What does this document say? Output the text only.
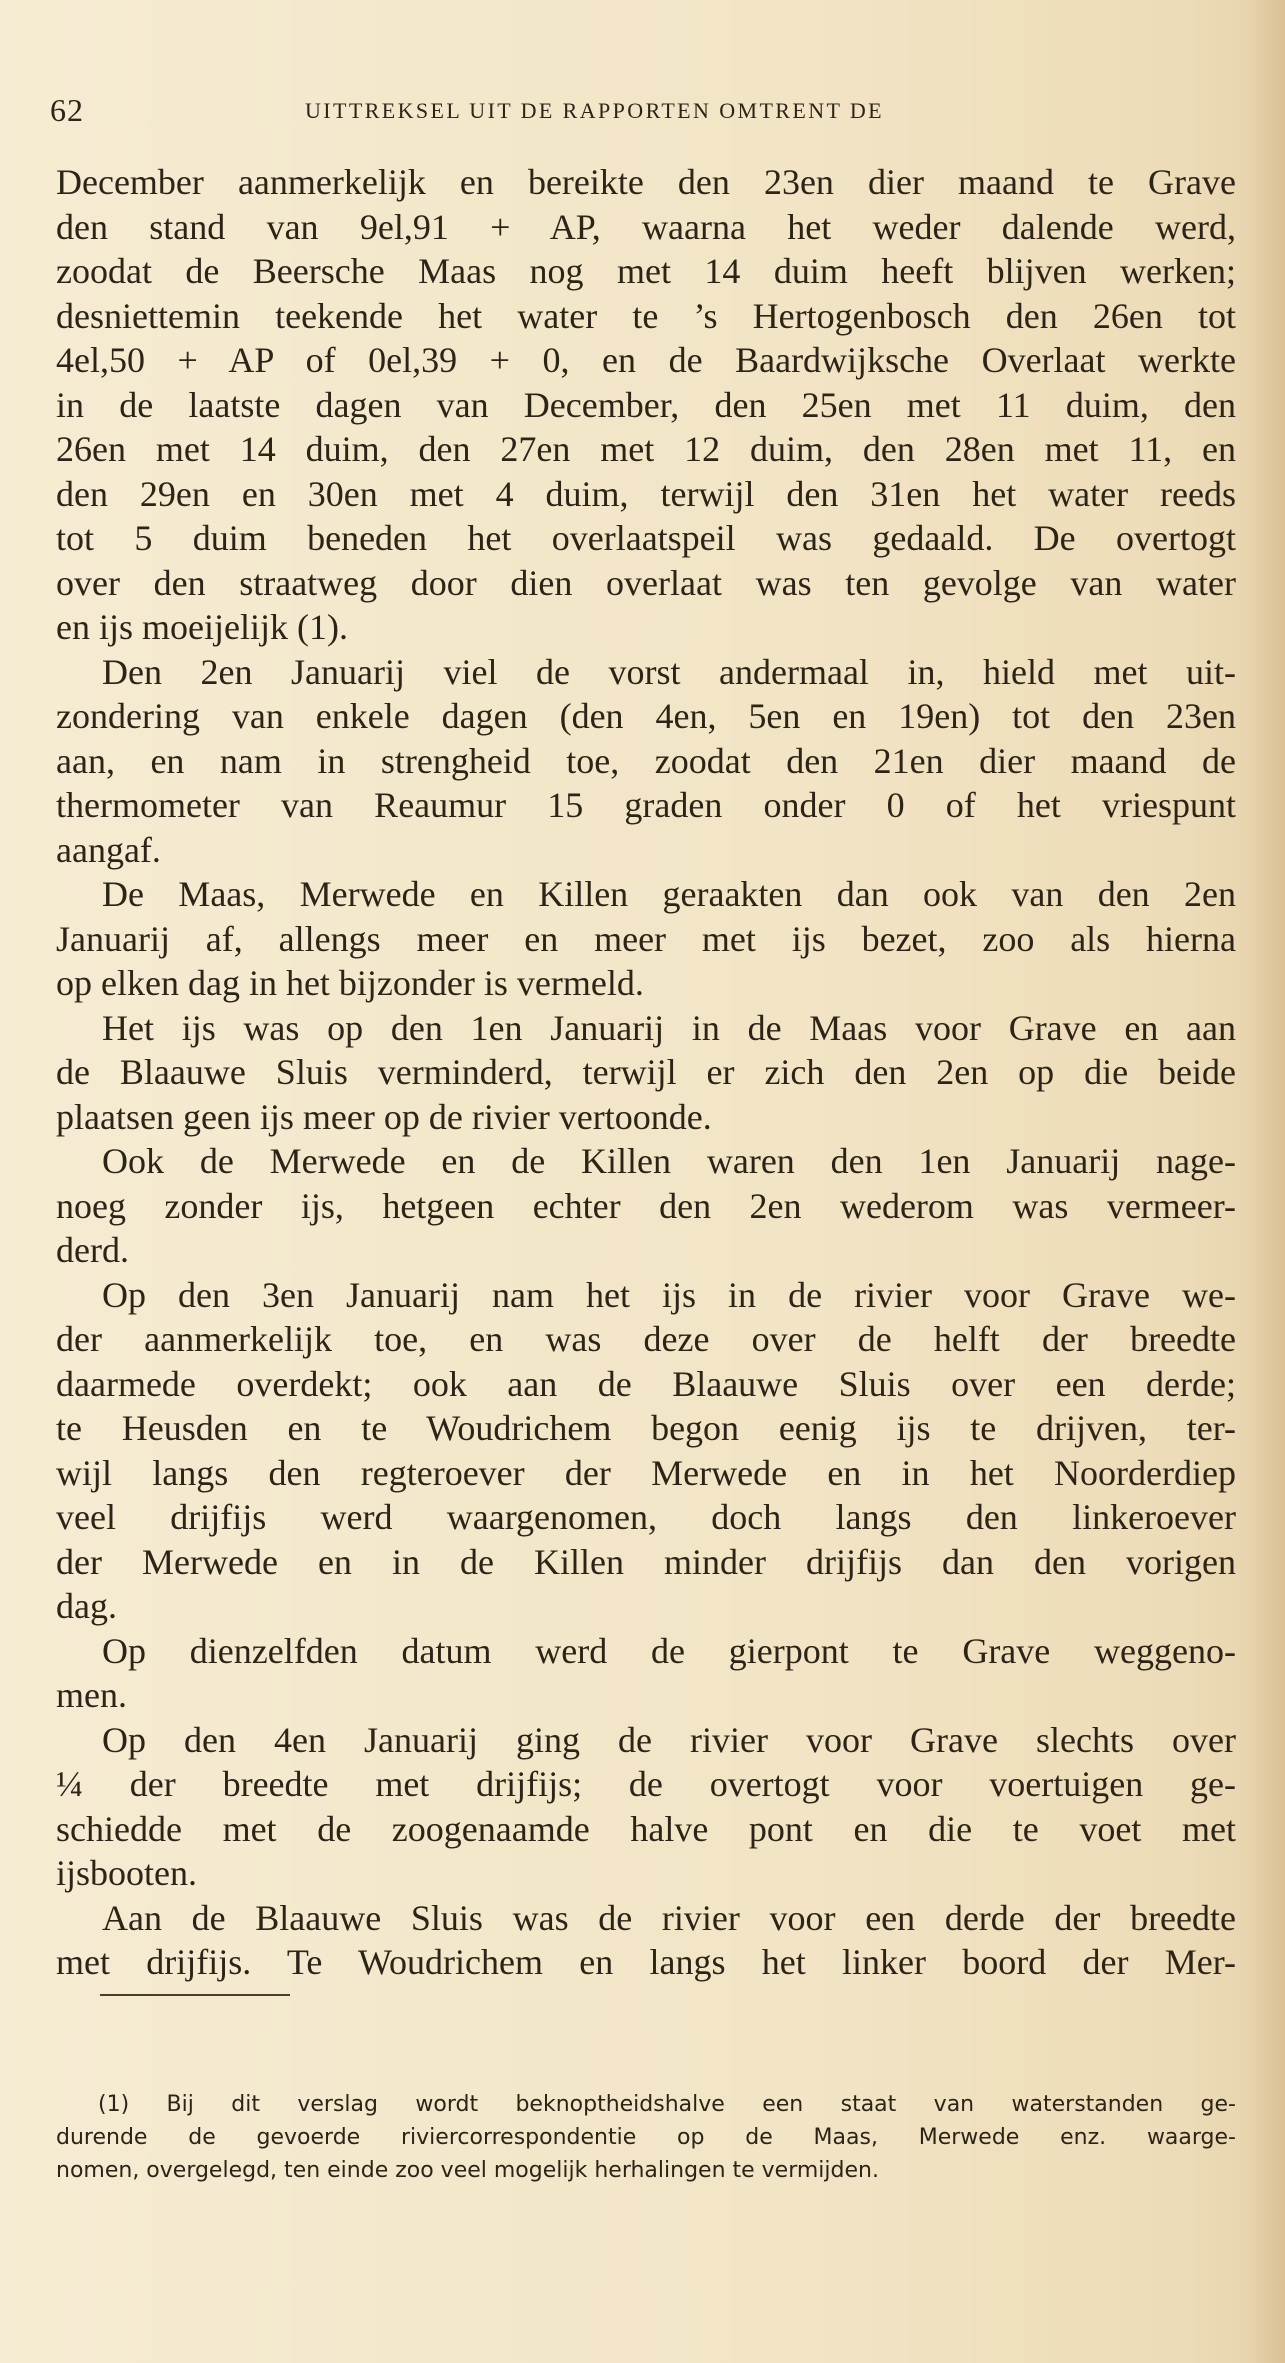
62	UITTREKSEL UIT DE RAPPORTEN OMTRENT DE
December aanmerkelijk en bereikte den 23en dier maand te Grave
den stand van 9el,91 + AP, waarna het weder dalende werd,
zoodat de Beersche Maas nog met 14 duim heeft blijven werken;
desniettemin teekende het water te ’s Hertogenbosch den 26en tot
4el,50 + AP of 0el,39 + 0, en de Baardwijksche Overlaat werkte
in de laatste dagen van December, den 25en met 11 duim, den
26en met 14 duim, den 27en met 12 duim, den 28en met 11, en
den 29en en 30en met 4 duim, terwijl den 31en het water reeds
tot 5 duim beneden het overlaatspeil was gedaald. De overtogt
over den straatweg door dien overlaat was ten gevolge van water
en ijs moeijelijk (1).
Den 2en Januarij viel de vorst andermaal in, hield met uit-
zondering van enkele dagen (den 4en, 5en en 19en) tot den 23en
aan, en nam in strengheid toe, zoodat den 21en dier maand de
thermometer van Reaumur 15 graden onder 0 of het vriespunt
aangaf.
De Maas, Merwede en Killen geraakten dan ook van den 2en
Januarij af, allengs meer en meer met ijs bezet, zoo als hierna
op elken dag in het bijzonder is vermeld.
Het ijs was op den 1en Januarij in de Maas voor Grave en aan
de Blaauwe Sluis verminderd, terwijl er zich den 2en op die beide
plaatsen geen ijs meer op de rivier vertoonde.
Ook de Merwede en de Killen waren den 1en Januarij nage-
noeg zonder ijs, hetgeen echter den 2en wederom was vermeer-
derd.
Op den 3en Januarij nam het ijs in de rivier voor Grave we-
der aanmerkelijk toe, en was deze over de helft der breedte
daarmede overdekt; ook aan de Blaauwe Sluis over een derde;
te Heusden en te Woudrichem begon eenig ijs te drijven, ter-
wijl langs den regteroever der Merwede en in het Noorderdiep
veel drijfijs werd waargenomen, doch langs den linkeroever
der Merwede en in de Killen minder drijfijs dan den vorigen
dag.
Op dienzelfden datum werd de gierpont te Grave weggeno-
men.
Op den 4en Januarij ging de rivier voor Grave slechts over
¼ der breedte met drijfijs; de overtogt voor voertuigen ge-
schiedde met de zoogenaamde halve pont en die te voet met
ijsbooten.
Aan de Blaauwe Sluis was de rivier voor een derde der breedte
met drijfijs. Te Woudrichem en langs het linker boord der Mer-
(1) Bij dit verslag wordt beknoptheidshalve een staat van waterstanden ge-
durende de gevoerde riviercorrespondentie op de Maas, Merwede enz. waarge-
nomen, overgelegd, ten einde zoo veel mogelijk herhalingen te vermijden.
